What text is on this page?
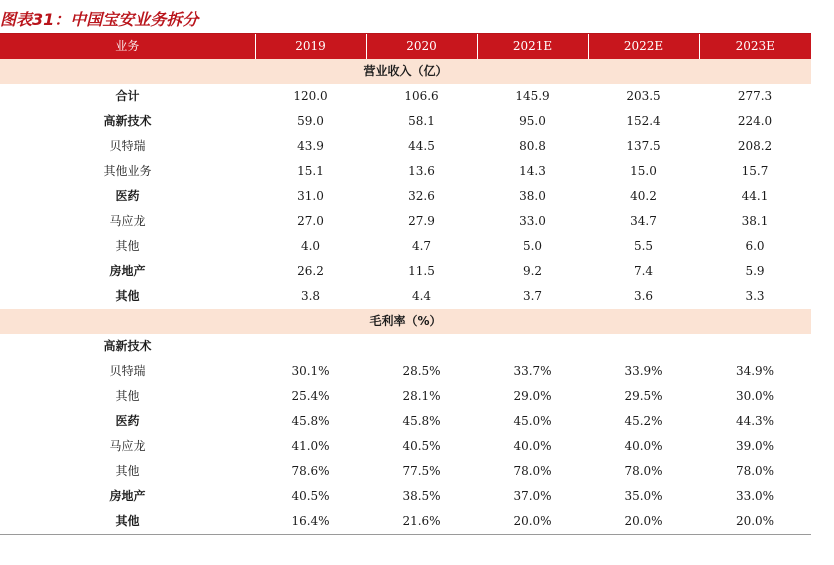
图表31：中国宝安业务拆分
业务	2019	2020	2021E	2022E	2023E
营业收入（亿）					
合计	120.0	106.6	145.9	203.5	277.3
高新技术	59.0	58.1	95.0	152.4	224.0
贝特瑞	43.9	44.5	80.8	137.5	208.2
其他业务	15.1	13.6	14.3	15.0	15.7
医药	31.0	32.6	38.0	40.2	44.1
马应龙	27.0	27.9	33.0	34.7	38.1
其他	4.0	4.7	5.0	5.5	6.0
房地产	26.2	11.5	9.2	7.4	5.9
其他	3.8	4.4	3.7	3.6	3.3
毛利率（%）					
高新技术					
贝特瑞	30.1%	28.5%	33.7%	33.9%	34.9%
其他	25.4%	28.1%	29.0%	29.5%	30.0%
医药	45.8%	45.8%	45.0%	45.2%	44.3%
马应龙	41.0%	40.5%	40.0%	40.0%	39.0%
其他	78.6%	77.5%	78.0%	78.0%	78.0%
房地产	40.5%	38.5%	37.0%	35.0%	33.0%
其他	16.4%	21.6%	20.0%	20.0%	20.0%
